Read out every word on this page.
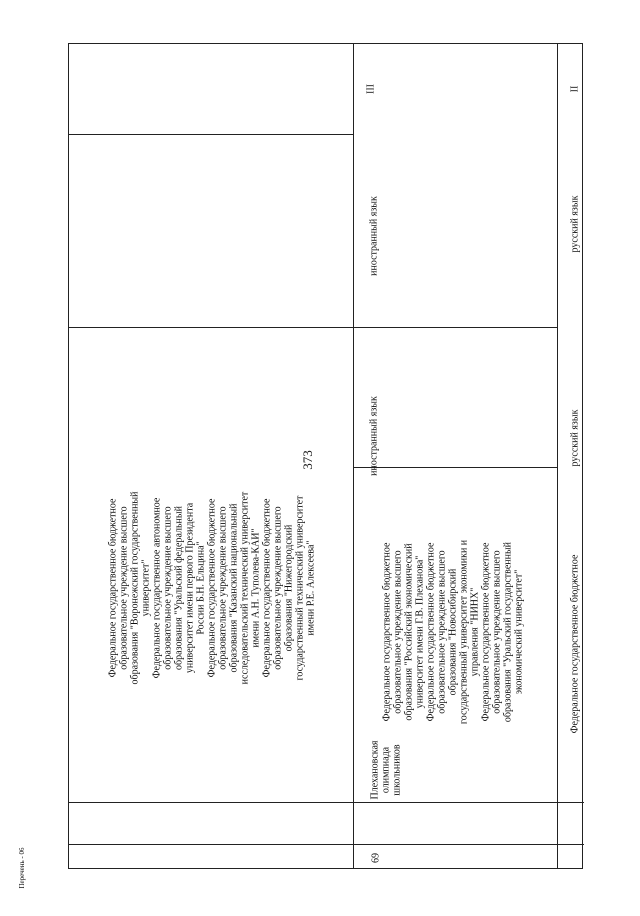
373
Перечень - 06
Федеральное государственное бюджетное образовательное учреждение высшего образования "Воронежский государственный университет" Федеральное государственное автономное образовательное учреждение высшего образования "Уральский федеральный университет имени первого Президента России Б.Н. Ельцина" Федеральное государственное бюджетное образовательное учреждение высшего образования "Казанский национальный исследовательский технический университет имени А.Н. Туполева-КАИ" Федеральное государственное бюджетное образовательное учреждение высшего образования "Нижегородский государственный технический университет имени Р.Е. Алексеева"
69
Плехановская олимпиада школьников
Федеральное государственное бюджетное образовательное учреждение высшего образования "Российский экономический университет имени Г.В. Плеханова" Федеральное государственное бюджетное образовательное учреждение высшего образования "Новосибирский государственный университет экономики и управления "НИНХ" Федеральное государственное бюджетное образовательное учреждение высшего образования "Уральский государственный экономический университет"
иностранный язык
иностранный язык
III
Федеральное государственное бюджетное
русский язык
русский язык
II
